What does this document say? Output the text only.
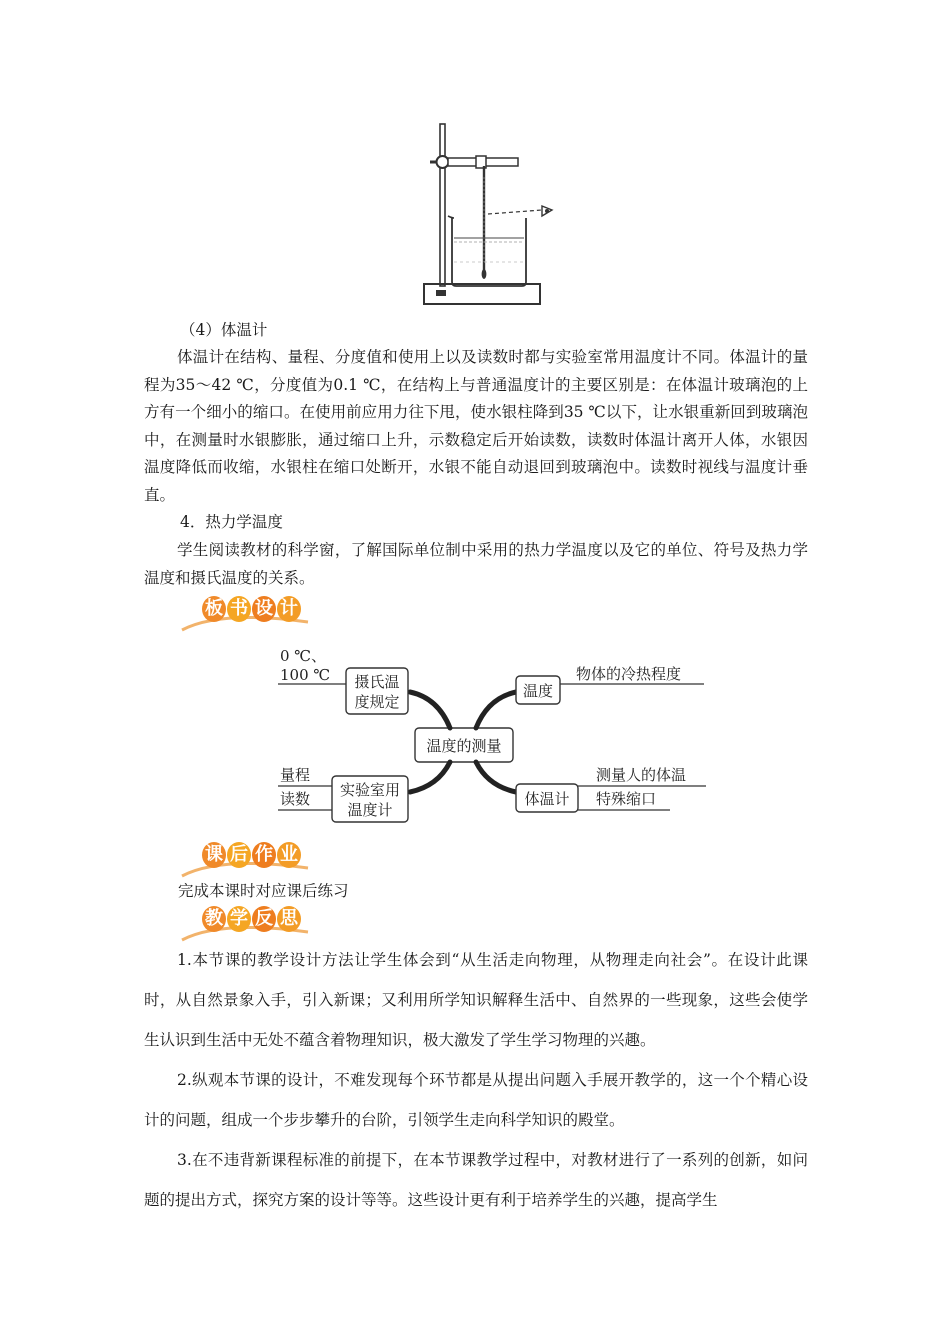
（4）体温计

体温计在结构、量程、分度值和使用上以及读数时都与实验室常用温度计不同。体温计的量程为35～42 ℃，分度值为0.1 ℃，在结构上与普通温度计的主要区别是：在体温计玻璃泡的上方有一个细小的缩口。在使用前应用力往下甩，使水银柱降到35 ℃以下，让水银重新回到玻璃泡中，在测量时水银膨胀，通过缩口上升，示数稳定后开始读数，读数时体温计离开人体，水银因温度降低而收缩，水银柱在缩口处断开，水银不能自动退回到玻璃泡中。读数时视线与温度计垂直。

4．热力学温度

学生阅读教材的科学窗，了解国际单位制中采用的热力学温度以及它的单位、符号及热力学温度和摄氏温度的关系。

板 书 设 计
温度的测量
摄氏温
度规定
0 ℃、
100 ℃
温度
物体的冷热程度
实验室用
温度计
量程
读数	体温计
测量人的体温
特殊缩口
课 后 作 业

完成本课时对应课后练习

教 学 反 思

1.本节课的教学设计方法让学生体会到“从生活走向物理，从物理走向社会”。在设计此课时，从自然景象入手，引入新课；又利用所学知识解释生活中、自然界的一些现象，这些会使学生认识到生活中无处不蕴含着物理知识，极大激发了学生学习物理的兴趣。

2.纵观本节课的设计，不难发现每个环节都是从提出问题入手展开教学的，这一个个精心设计的问题，组成一个步步攀升的台阶，引领学生走向科学知识的殿堂。

3.在不违背新课程标准的前提下，在本节课教学过程中，对教材进行了一系列的创新，如问题的提出方式，探究方案的设计等等。这些设计更有利于培养学生的兴趣，提高学生
